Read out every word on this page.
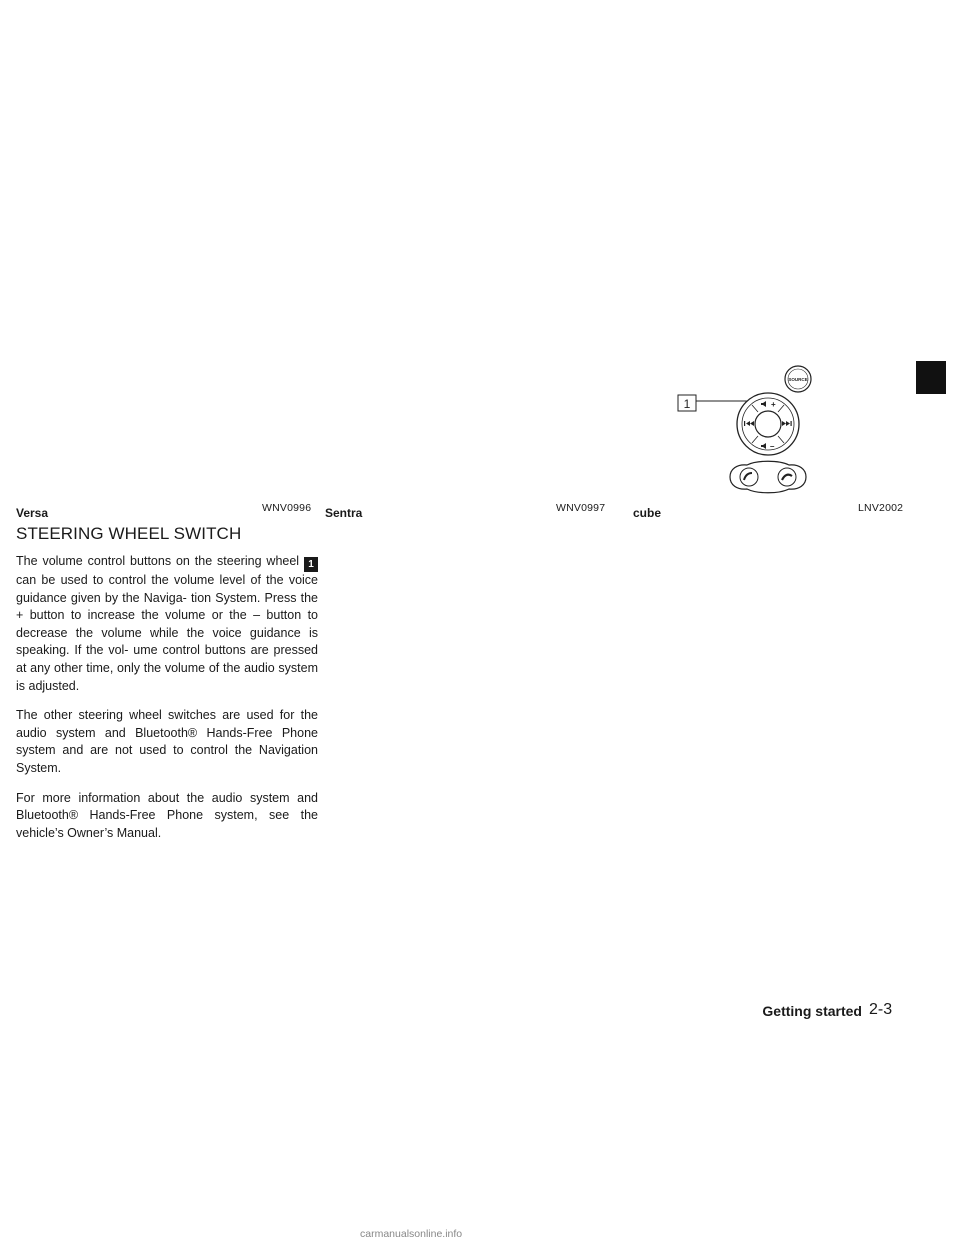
Versa	WNV0996 Sentra	WNV0997 cube	LNV2002
1
SOURCE
+
–
STEERING WHEEL SWITCH

The volume control buttons on the steering wheel 1 can be used to control the volume level of the voice guidance given by the Naviga- tion System. Press the + button to increase the volume or the – button to decrease the volume while the voice guidance is speaking. If the vol- ume control buttons are pressed at any other time, only the volume of the audio system is adjusted.

The other steering wheel switches are used for the audio system and Bluetooth® Hands-Free Phone system and are not used to control the Navigation System.

For more information about the audio system and Bluetooth® Hands-Free Phone system, see the vehicle’s Owner’s Manual.

Getting started 2-3
carmanualsonline.info
